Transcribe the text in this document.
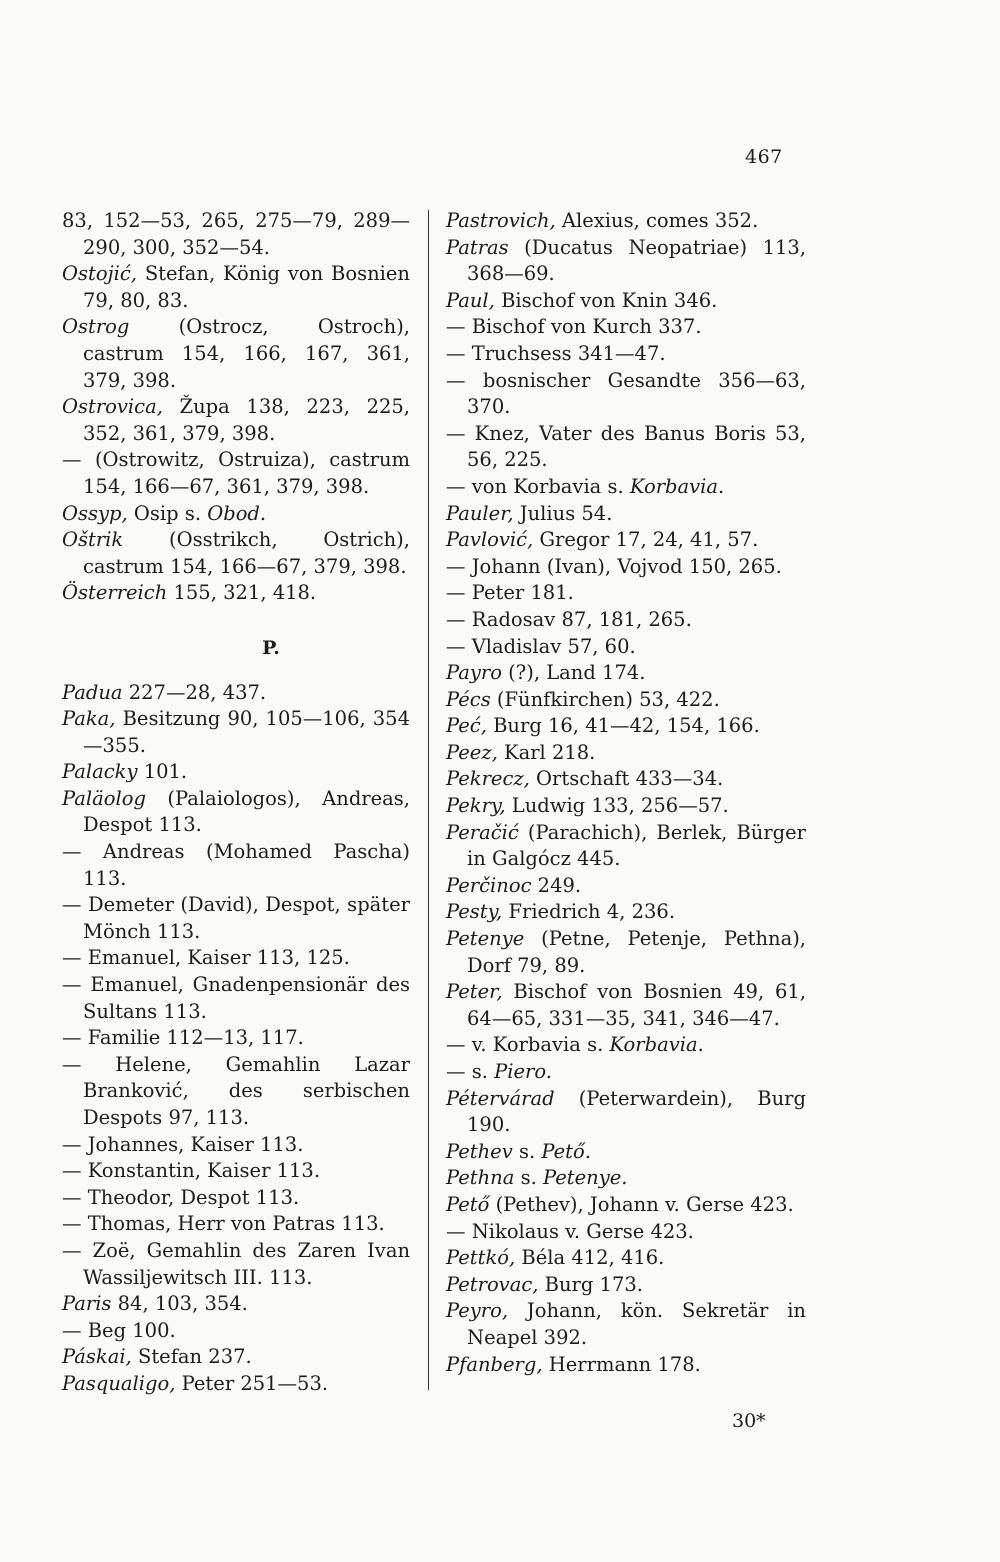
467

83, 152—53, 265, 275—79, 289—290, 300, 352—54.

Ostojić, Stefan, König von Bosnien 79, 80, 83.

Ostrog (Ostrocz, Ostroch), castrum 154, 166, 167, 361, 379, 398.

Ostrovica, Župa 138, 223, 225, 352, 361, 379, 398.

— (Ostrowitz, Ostruiza), castrum 154, 166—67, 361, 379, 398.

Ossyp, Osip s. Obod.

Oštrik (Osstrikch, Ostrich), castrum 154, 166—67, 379, 398.

Österreich 155, 321, 418.

P.

Padua 227—28, 437.

Paka, Besitzung 90, 105—106, 354—355.

Palacky 101.

Paläolog (Palaiologos), Andreas, Despot 113.

— Andreas (Mohamed Pascha) 113.

— Demeter (David), Despot, später Mönch 113.

— Emanuel, Kaiser 113, 125.

— Emanuel, Gnadenpensionär des Sultans 113.

— Familie 112—13, 117.

— Helene, Gemahlin Lazar Branković, des serbischen Despots 97, 113.

— Johannes, Kaiser 113.

— Konstantin, Kaiser 113.

— Theodor, Despot 113.

— Thomas, Herr von Patras 113.

— Zoë, Gemahlin des Zaren Ivan Wassiljewitsch III. 113.

Paris 84, 103, 354.

— Beg 100.

Páskai, Stefan 237.

Pasqualigo, Peter 251—53.

Pastrovich, Alexius, comes 352.

Patras (Ducatus Neopatriae) 113, 368—69.

Paul, Bischof von Knin 346.

— Bischof von Kurch 337.

— Truchsess 341—47.

— bosnischer Gesandte 356—63, 370.

— Knez, Vater des Banus Boris 53, 56, 225.

— von Korbavia s. Korbavia.

Pauler, Julius 54.

Pavlović, Gregor 17, 24, 41, 57.

— Johann (Ivan), Vojvod 150, 265.

— Peter 181.

— Radosav 87, 181, 265.

— Vladislav 57, 60.

Payro (?), Land 174.

Pécs (Fünfkirchen) 53, 422.

Peć, Burg 16, 41—42, 154, 166.

Peez, Karl 218.

Pekrecz, Ortschaft 433—34.

Pekry, Ludwig 133, 256—57.

Peračić (Parachich), Berlek, Bürger in Galgócz 445.

Perčinoc 249.

Pesty, Friedrich 4, 236.

Petenye (Petne, Petenje, Pethna), Dorf 79, 89.

Peter, Bischof von Bosnien 49, 61, 64—65, 331—35, 341, 346—47.

— v. Korbavia s. Korbavia.

— s. Piero.

Pétervárad (Peterwardein), Burg 190.

Pethev s. Pető.

Pethna s. Petenye.

Pető (Pethev), Johann v. Gerse 423.

— Nikolaus v. Gerse 423.

Pettkó, Béla 412, 416.

Petrovac, Burg 173.

Peyro, Johann, kön. Sekretär in Neapel 392.

Pfanberg, Herrmann 178.

30*
